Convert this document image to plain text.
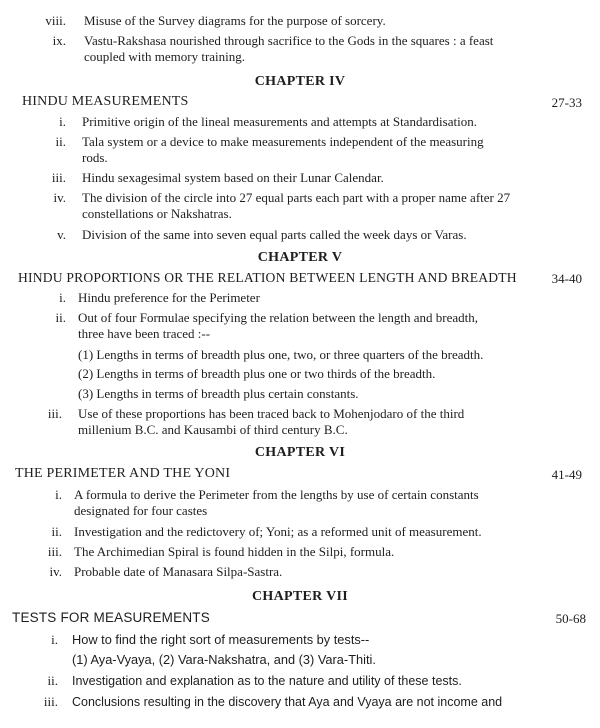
viii. Misuse of the Survey diagrams for the purpose of sorcery.
ix. Vastu-Rakshasa nourished through sacrifice to the Gods in the squares : a feast coupled with memory training.
CHAPTER IV
HINDU MEASUREMENTS	27-33
i. Primitive origin of the lineal measurements and attempts at Standardisation.
ii. Tala system or a device to make measurements independent of the measuring rods.
iii. Hindu sexagesimal system based on their Lunar Calendar.
iv. The division of the circle into 27 equal parts each part with a proper name after 27 constellations or Nakshatras.
v. Division of the same into seven equal parts called the week days or Varas.
CHAPTER V
HINDU PROPORTIONS OR THE RELATION BETWEEN LENGTH AND BREADTH	34-40
i. Hindu preference for the Perimeter
ii. Out of four Formulae specifying the relation between the length and breadth, three have been traced :--
(1) Lengths in terms of breadth plus one, two, or three quarters of the breadth.
(2) Lengths in terms of breadth plus one or two thirds of the breadth.
(3) Lengths in terms of breadth plus certain constants.
iii. Use of these proportions has been traced back to Mohenjodaro of the third millenium B.C. and Kausambi of third century B.C.
CHAPTER VI
THE PERIMETER AND THE YONI	41-49
i. A formula to derive the Perimeter from the lengths by use of certain constants designated for four castes
ii. Investigation and the redictovery of; Yoni; as a reformed unit of measurement.
iii. The Archimedian Spiral is found hidden in the Silpi, formula.
iv. Probable date of Manasara Silpa-Sastra.
CHAPTER VII
TESTS FOR MEASUREMENTS	50-68
i. How to find the right sort of measurements by tests--
(1) Aya-Vyaya, (2) Vara-Nakshatra, and (3) Vara-Thiti.
ii. Investigation and explanation as to the nature and utility of these tests.
iii. Conclusions resulting in the discovery that Aya and Vyaya are not income and
